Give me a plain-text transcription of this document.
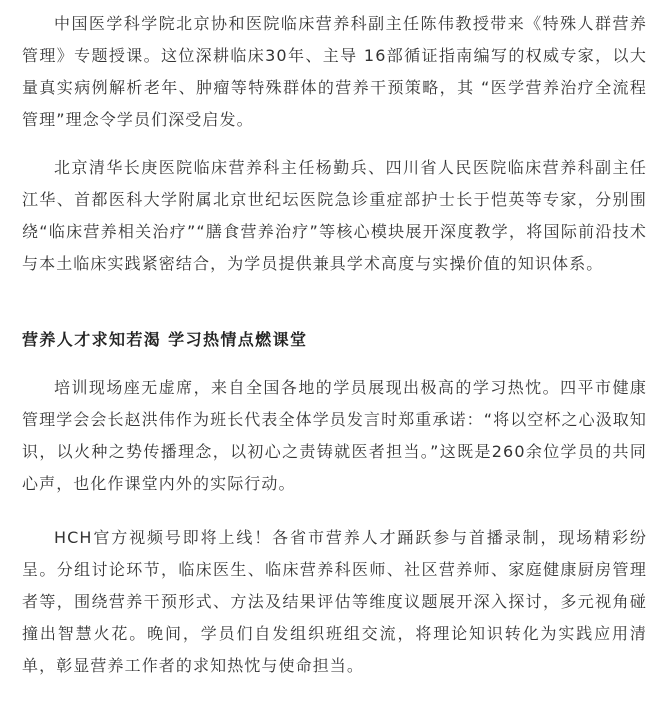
中国医学科学院北京协和医院临床营养科副主任陈伟教授带来《特殊人群营养管理》专题授课。这位深耕临床30年、主导 16部循证指南编写的权威专家，以大量真实病例解析老年、肿瘤等特殊群体的营养干预策略，其 “医学营养治疗全流程管理”理念令学员们深受启发。

北京清华长庚医院临床营养科主任杨勤兵、四川省人民医院临床营养科副主任江华、首都医科大学附属北京世纪坛医院急诊重症部护士长于恺英等专家，分别围绕“临床营养相关治疗”“膳食营养治疗”等核心模块展开深度教学，将国际前沿技术与本土临床实践紧密结合，为学员提供兼具学术高度与实操价值的知识体系。

营养人才求知若渴 学习热情点燃课堂

培训现场座无虚席，来自全国各地的学员展现出极高的学习热忱。四平市健康管理学会会长赵洪伟作为班长代表全体学员发言时郑重承诺：“将以空杯之心汲取知识，以火种之势传播理念，以初心之责铸就医者担当。”这既是260余位学员的共同心声，也化作课堂内外的实际行动。

HCH官方视频号即将上线！各省市营养人才踊跃参与首播录制，现场精彩纷呈。分组讨论环节，临床医生、临床营养科医师、社区营养师、家庭健康厨房管理者等，围绕营养干预形式、方法及结果评估等维度议题展开深入探讨，多元视角碰撞出智慧火花。晚间，学员们自发组织班组交流，将理论知识转化为实践应用清单，彰显营养工作者的求知热忱与使命担当。
